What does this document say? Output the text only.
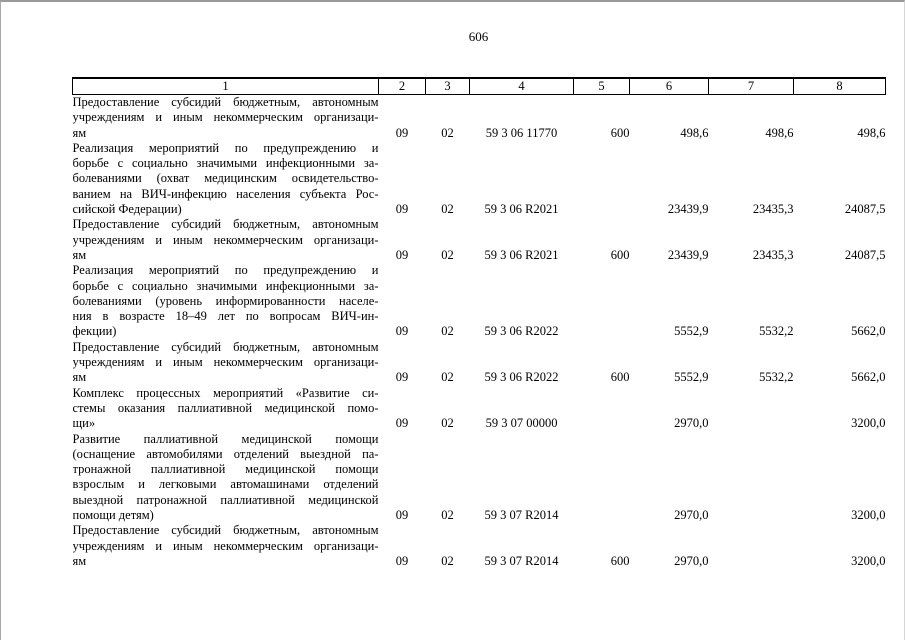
606
1	2	3	4	5	6	7	8

Предоставление субсидий бюджетным, автономным
учреждениям и иным некоммерческим организаци-
ям	09	02	59 3 06 11770	600	498,6	498,6	498,6

Реализация мероприятий по предупреждению и
борьбе с социально значимыми инфекционными за-
болеваниями (охват медицинским освидетельство-
ванием на ВИЧ-инфекцию населения субъекта Рос-
сийской Федерации)	09	02	59 3 06 R2021		23439,9	23435,3	24087,5

Предоставление субсидий бюджетным, автономным
учреждениям и иным некоммерческим организаци-
ям	09	02	59 3 06 R2021	600	23439,9	23435,3	24087,5

Реализация мероприятий по предупреждению и
борьбе с социально значимыми инфекционными за-
болеваниями (уровень информированности населе-
ния в возрасте 18–49 лет по вопросам ВИЧ-ин-
фекции)	09	02	59 3 06 R2022		5552,9	5532,2	5662,0

Предоставление субсидий бюджетным, автономным
учреждениям и иным некоммерческим организаци-
ям	09	02	59 3 06 R2022	600	5552,9	5532,2	5662,0

Комплекс процессных мероприятий «Развитие си-
стемы оказания паллиативной медицинской помо-
щи»	09	02	59 3 07 00000		2970,0		3200,0

Развитие паллиативной медицинской помощи
(оснащение автомобилями отделений выездной па-
тронажной паллиативной медицинской помощи
взрослым и легковыми автомашинами отделений
выездной патронажной паллиативной медицинской
помощи детям)	09	02	59 3 07 R2014		2970,0		3200,0

Предоставление субсидий бюджетным, автономным
учреждениям и иным некоммерческим организаци-
ям	09	02	59 3 07 R2014	600	2970,0		3200,0
